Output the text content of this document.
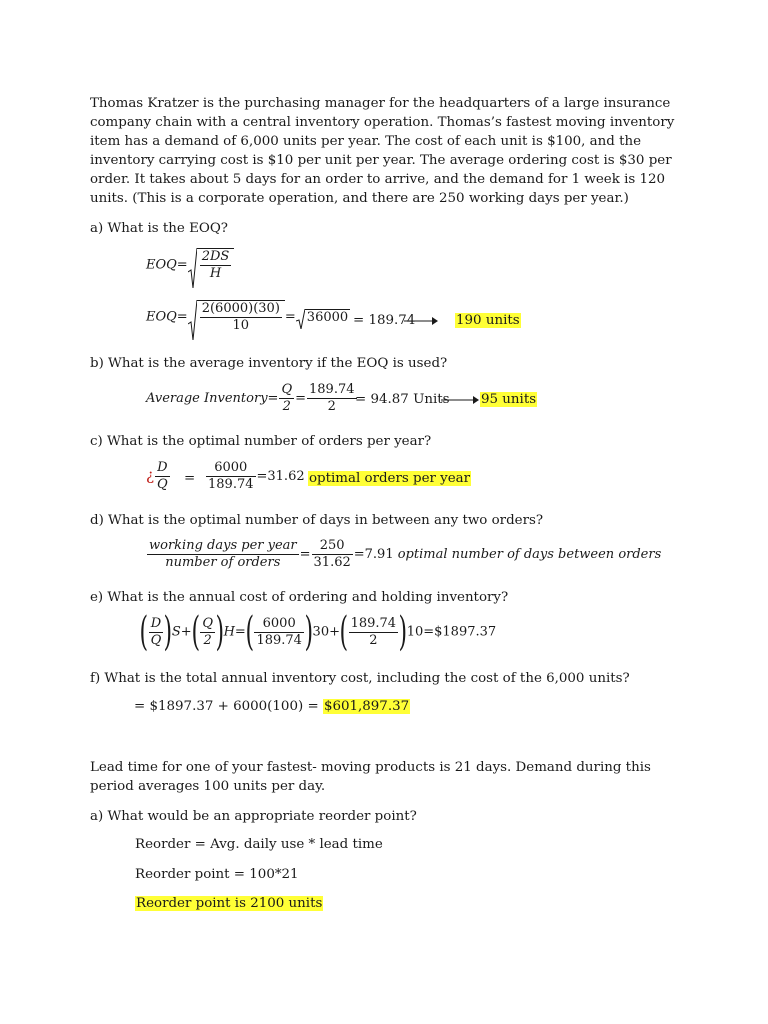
Thomas Kratzer is the purchasing manager for the headquarters of a large insurance company chain with a central inventory operation. Thomas’s fastest moving inventory item has a demand of 6,000 units per year. The cost of each unit is $100, and the inventory carrying cost is $10 per unit per year. The average ordering cost is $30 per order. It takes about 5 days for an order to arrive, and the demand for 1 week is 120 units. (This is a corporate operation, and there are 250 working days per year.)

a) What is the EOQ?
$EOQ= \frac{2DS}{H}$
$EOQ= \frac{2(6000)(30)}{10} = 36000 = 189.74$	190 units
b) What is the average inventory if the EOQ is used?
Average Inventory= $\frac{Q}{2} = \frac{189.74}{2}$
= 94.87 Units 95 units
c) What is the optimal number of orders per year?
¿ $\frac{D}{Q} = \frac{6000}{189.74} =31.62$ optimal orders per year
d) What is the optimal number of days in between any two orders?
$\frac{\text{working days per year}}{\text{number of orders}} = \frac{250}{31.62} =7.91$ optimal number of days between orders
e) What is the annual cost of ordering and holding inventory?
( $\frac{D}{Q} )S+( \frac{Q}{2} )H=( \frac{6000}{189.74} )30+( \frac{189.74}{2}$ )10=$1897.37
f) What is the total annual inventory cost, including the cost of the 6,000 units?
= $1897.37 + 6000(100) = $601,897.37

Lead time for one of your fastest- moving products is 21 days. Demand during this period averages 100 units per day.

a) What would be an appropriate reorder point?
Reorder = Avg. daily use * lead time
Reorder point = 100*21
Reorder point is 2100 units
